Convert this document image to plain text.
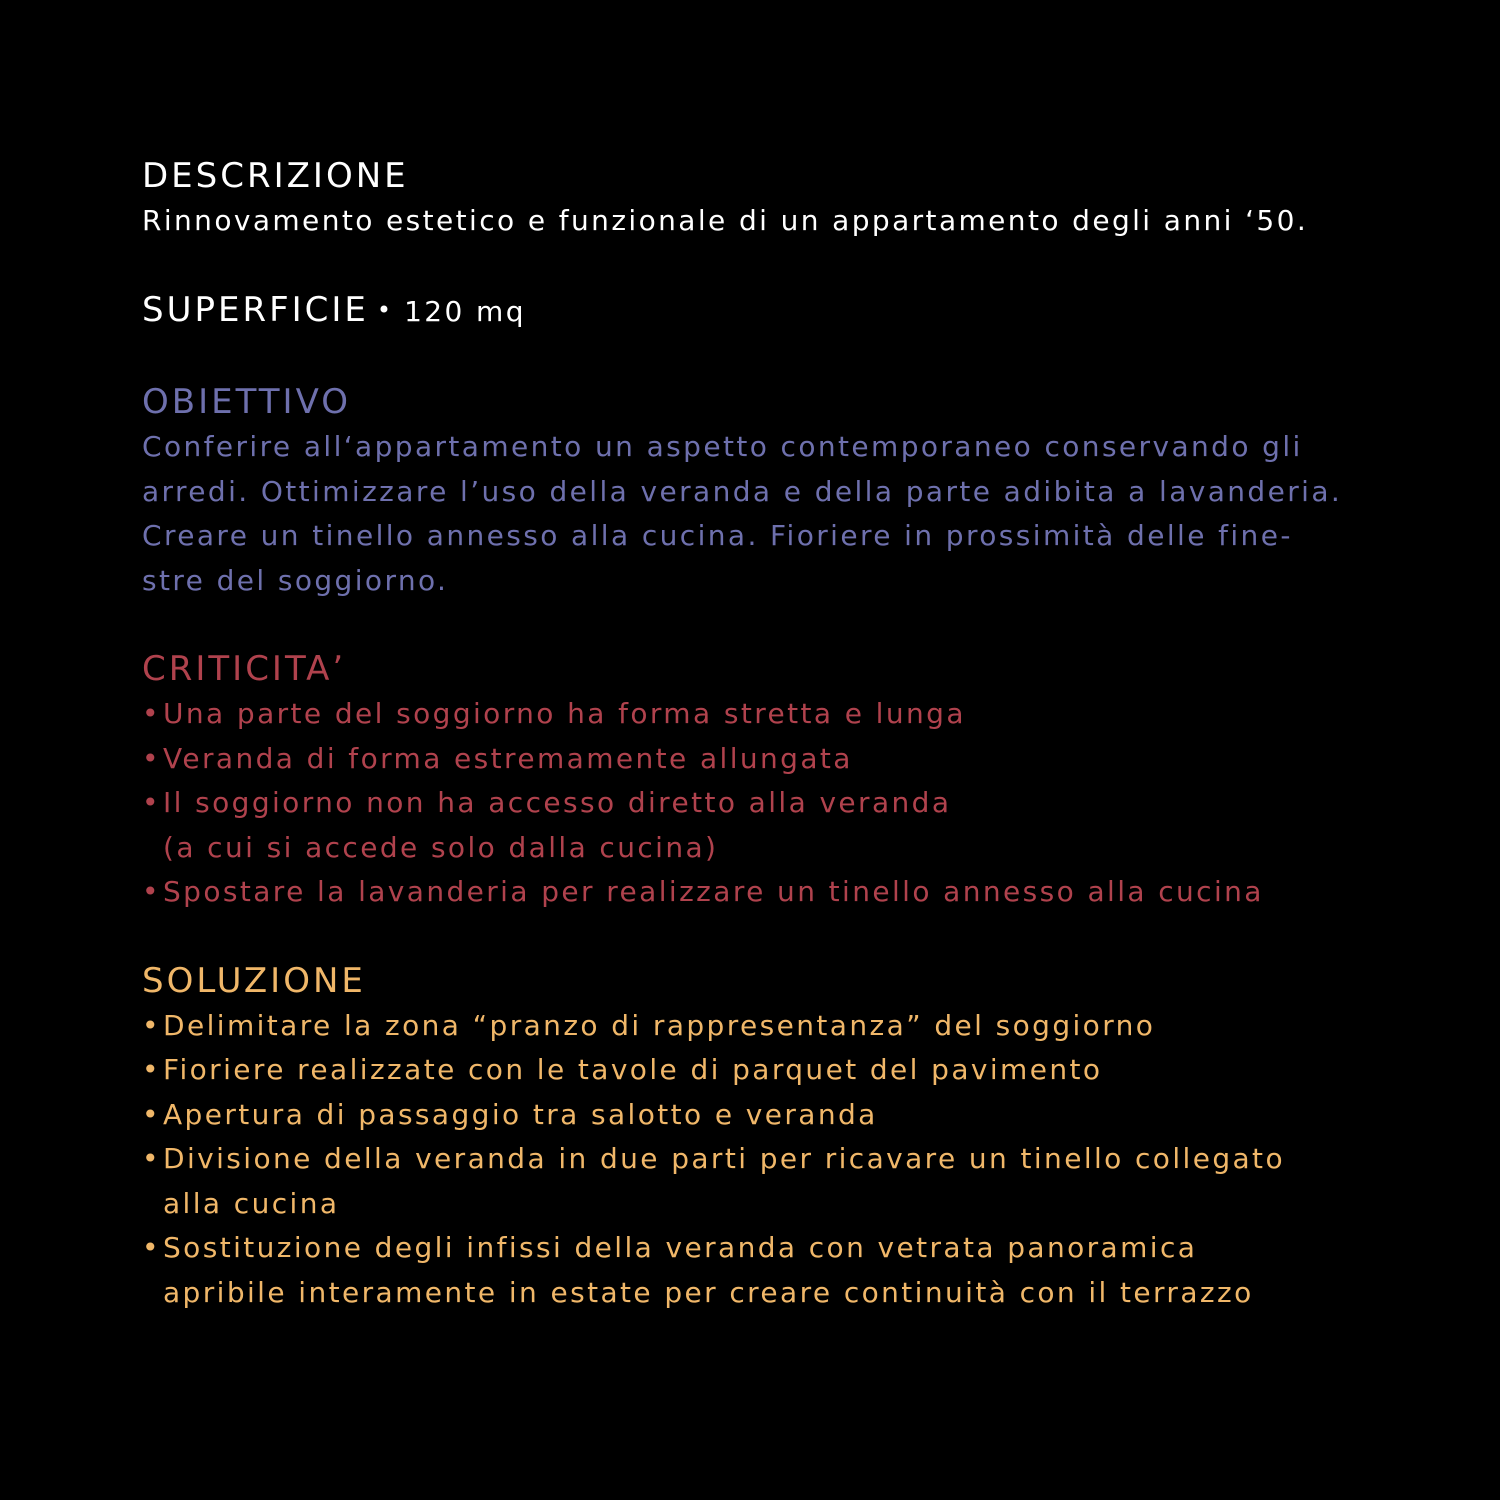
DESCRIZIONE

Rinnovamento estetico e funzionale di un appartamento degli anni ‘50.

SUPERFICIE • 120 mq
OBIETTIVO

Conferire all‘appartamento un aspetto contemporaneo conservando gli

arredi. Ottimizzare l’uso della veranda e della parte adibita a lavanderia.

Creare un tinello annesso alla cucina. Fioriere in prossimità delle fine-

stre del soggiorno.

CRITICITA’
• Una parte del soggiorno ha forma stretta e lunga
• Veranda di forma estremamente allungata
• Il soggiorno non ha accesso diretto alla veranda
(a cui si accede solo dalla cucina)
• Spostare la lavanderia per realizzare un tinello annesso alla cucina
SOLUZIONE
• Delimitare la zona “pranzo di rappresentanza” del soggiorno
• Fioriere realizzate con le tavole di parquet del pavimento
• Apertura di passaggio tra salotto e veranda
• Divisione della veranda in due parti per ricavare un tinello collegato
alla cucina
• Sostituzione degli infissi della veranda con vetrata panoramica
apribile interamente in estate per creare continuità con il terrazzo
